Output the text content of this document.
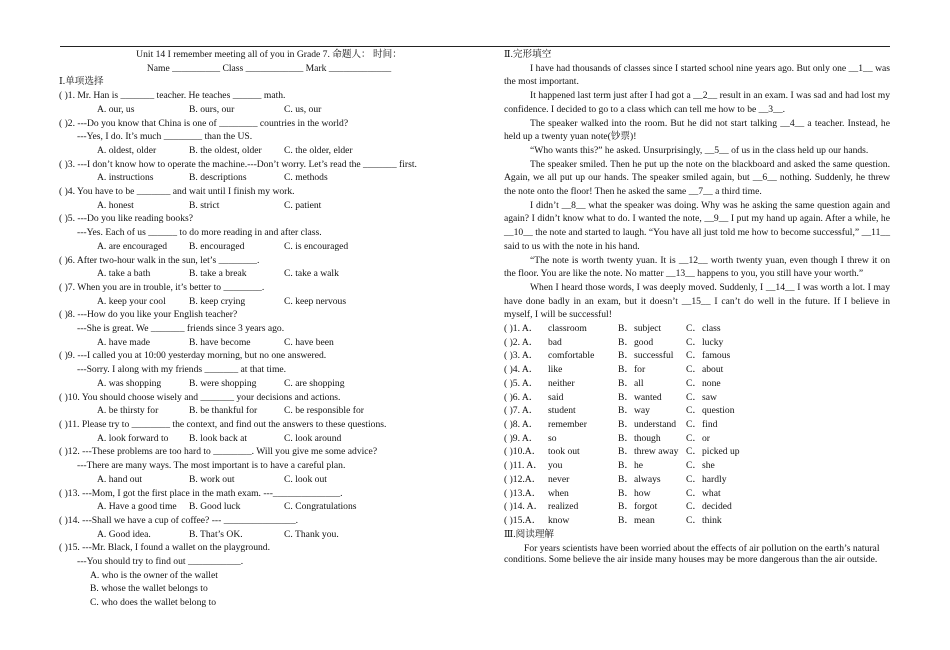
Unit 14 I remember meeting all of you in Grade 7. 命题人： 时间：
Name __________ Class ____________ Mark _____________
Ⅰ.单项选择
( )1. Mr. Han is _______ teacher. He teaches ______ math.
A. our, us	B. ours, our	C. us, our
( )2. ---Do you know that China is one of ________ countries in the world?
---Yes, I do. It’s much ________ than the US.
A. oldest, older	B. the oldest, older C. the older, elder
( )3. ---I don’t know how to operate the machine.---Don’t worry. Let’s read the _______ first.
A. instructions	B. descriptions	C. methods
( )4. You have to be _______ and wait until I finish my work.
A. honest	B. strict	C. patient
( )5. ---Do you like reading books?
---Yes. Each of us ______ to do more reading in and after class.
A. are encouraged B. encouraged	C. is encouraged
( )6. After two-hour walk in the sun, let’s ________.
A. take a bath	B. take a break	C. take a walk
( )7. When you are in trouble, it’s better to ________.
A. keep your cool B. keep crying	C. keep nervous
( )8. ---How do you like your English teacher?
---She is great. We _______ friends since 3 years ago.
A. have made	B. have become	C. have been
( )9. ---I called you at 10:00 yesterday morning, but no one answered.
---Sorry. I along with my friends _______ at that time.
A. was shopping	B. were shopping	C. are shopping
( )10. You should choose wisely and _______ your decisions and actions.
A. be thirsty for	B. be thankful for	C. be responsible for
( )11. Please try to ________ the context, and find out the answers to these questions.
A. look forward to B. look back at	C. look around
( )12. ---These problems are too hard to ________. Will you give me some advice?
---There are many ways. The most important is to have a careful plan.
A. hand out	B. work out	C. look out
( )13. ---Mom, I got the first place in the math exam. ---______________.
A. Have a good time B. Good luck	C. Congratulations
( )14. ---Shall we have a cup of coffee? --- _______________.
A. Good idea.	B. That’s OK.	C. Thank you.
( )15. ---Mr. Black, I found a wallet on the playground.
---You should try to find out ___________.
A. who is the owner of the wallet
B. whose the wallet belongs to
C. who does the wallet belong to
Ⅱ.完形填空

I have had thousands of classes since I started school nine years ago. But only one __1__ was the most important.

It happened last term just after I had got a __2__ result in an exam. I was sad and had lost my confidence. I decided to go to a class which can tell me how to be __3__.

The speaker walked into the room. But he did not start talking __4__ a teacher. Instead, he held up a twenty yuan note(钞票)!

“Who wants this?” he asked. Unsurprisingly, __5__ of us in the class held up our hands.

The speaker smiled. Then he put up the note on the blackboard and asked the same question. Again, we all put up our hands. The speaker smiled again, but __6__ nothing. Suddenly, he threw the note onto the floor! Then he asked the same __7__ a third time.

I didn’t __8__ what the speaker was doing. Why was he asking the same question again and again? I didn’t know what to do. I wanted the note, __9__ I put my hand up again. After a while, he __10__ the note and started to laugh. “You have all just told me how to become successful,” __11__ said to us with the note in his hand.

“The note is worth twenty yuan. It is __12__ worth twenty yuan, even though I threw it on the floor. You are like the note. No matter __13__ happens to you, you still have your worth.”

When I heard those words, I was deeply moved. Suddenly, I __14__ I was worth a lot. I may have done badly in an exam, but it doesn’t __15__ I can’t do well in the future. If I believe in myself, I will be successful!

( )1. A． classroom	B．subject	C．class
( )2. A． bad	B．good	C．lucky
( )3. A． comfortable B．successful C．famous
( )4. A． like	B．for	C．about
( )5. A． neither	B．all	C．none
( )6. A． said	B．wanted	C．saw
( )7. A． student	B．way	C．question
( )8. A． remember	B．understand C．find
( )9. A． so	B．though	C．or
( )10.A． took out	B．threw away C．picked up
( )11. A． you	B．he	C．she
( )12.A． never	B．always	C．hardly
( )13.A． when	B．how	C．what
( )14. A． realized	B．forgot	C．decided
( )15.A． know	B．mean	C．think
Ⅲ.阅读理解

For years scientists have been worried about the effects of air pollution on the earth’s natural conditions. Some believe the air inside many houses may be more dangerous than the air outside.
